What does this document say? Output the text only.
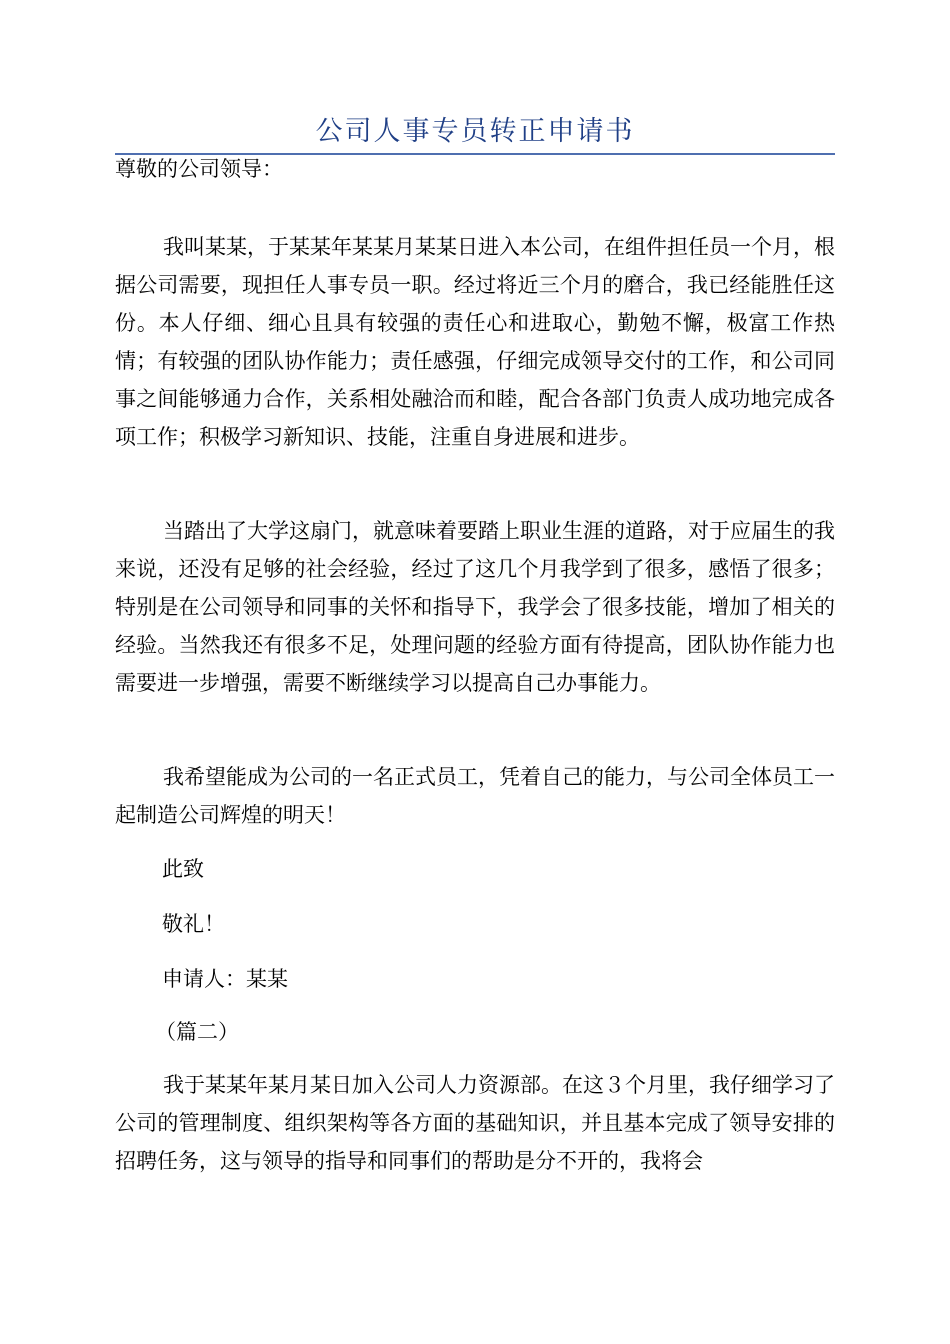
公司人事专员转正申请书

尊敬的公司领导：

我叫某某，于某某年某某月某某日进入本公司，在组件担任员一个月，根据公司需要，现担任人事专员一职。经过将近三个月的磨合，我已经能胜任这份。本人仔细、细心且具有较强的责任心和进取心，勤勉不懈，极富工作热情；有较强的团队协作能力；责任感强，仔细完成领导交付的工作，和公司同事之间能够通力合作，关系相处融洽而和睦，配合各部门负责人成功地完成各项工作；积极学习新知识、技能，注重自身进展和进步。

当踏出了大学这扇门，就意味着要踏上职业生涯的道路，对于应届生的我来说，还没有足够的社会经验，经过了这几个月我学到了很多，感悟了很多；特别是在公司领导和同事的关怀和指导下，我学会了很多技能，增加了相关的经验。当然我还有很多不足，处理问题的经验方面有待提高，团队协作能力也需要进一步增强，需要不断继续学习以提高自己办事能力。

我希望能成为公司的一名正式员工，凭着自己的能力，与公司全体员工一起制造公司辉煌的明天！

此致

敬礼！

申请人：某某

（篇二）

我于某某年某月某日加入公司人力资源部。在这３个月里，我仔细学习了公司的管理制度、组织架构等各方面的基础知识，并且基本完成了领导安排的招聘任务，这与领导的指导和同事们的帮助是分不开的，我将会
